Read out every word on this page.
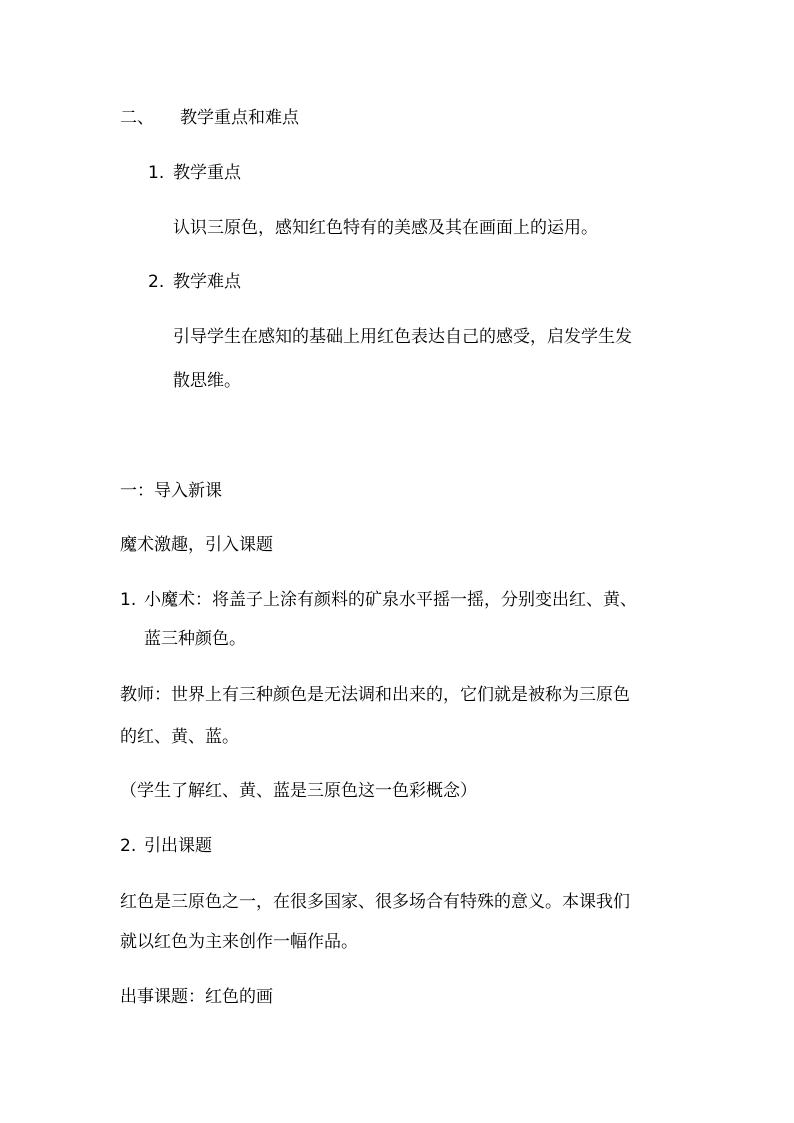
二、 教学重点和难点
1. 教学重点
认识三原色，感知红色特有的美感及其在画面上的运用。
2. 教学难点
引导学生在感知的基础上用红色表达自己的感受，启发学生发
散思维。
一：导入新课
魔术激趣，引入课题
1. 小魔术：将盖子上涂有颜料的矿泉水平摇一摇，分别变出红、黄、
蓝三种颜色。
教师：世界上有三种颜色是无法调和出来的，它们就是被称为三原色
的红、黄、蓝。
（学生了解红、黄、蓝是三原色这一色彩概念）
2. 引出课题
红色是三原色之一，在很多国家、很多场合有特殊的意义。本课我们
就以红色为主来创作一幅作品。
出事课题：红色的画
